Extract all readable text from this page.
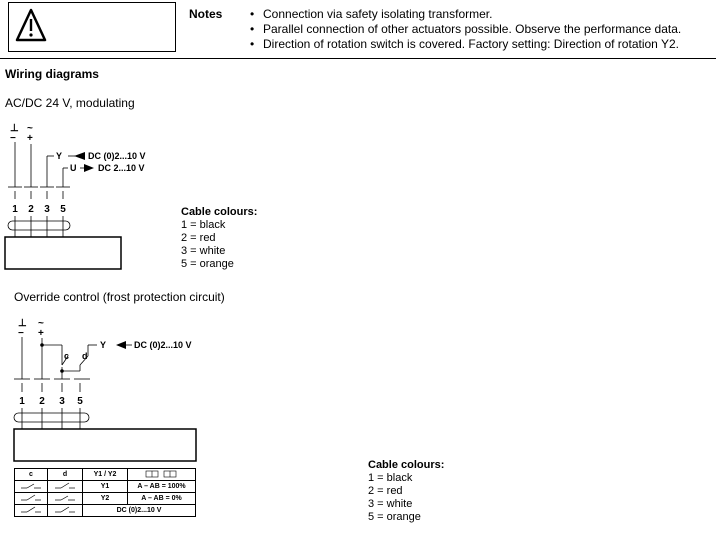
Notes	• Connection via safety isolating transformer.
• Parallel connection of other actuators possible. Observe the performance data.
• Direction of rotation switch is covered. Factory setting: Direction of rotation Y2.
Wiring diagrams
AC/DC 24 V, modulating
⊥ ~
− +
Y	DC (0)2...10 V
U DC 2...10 V
1 2 3 5	Cable colours:
1 = black
2 = red
3 = white
5 = orange
Override control (frost protection circuit)
⊥ ~
− +
c d
Y	DC (0)2...10 V
1 2 3 5
c	d	Y1 / Y2	
		Y1	A – AB = 100%
		Y2	A – AB = 0%
		DC (0)2...10 V	
Cable colours:
1 = black
2 = red
3 = white
5 = orange
